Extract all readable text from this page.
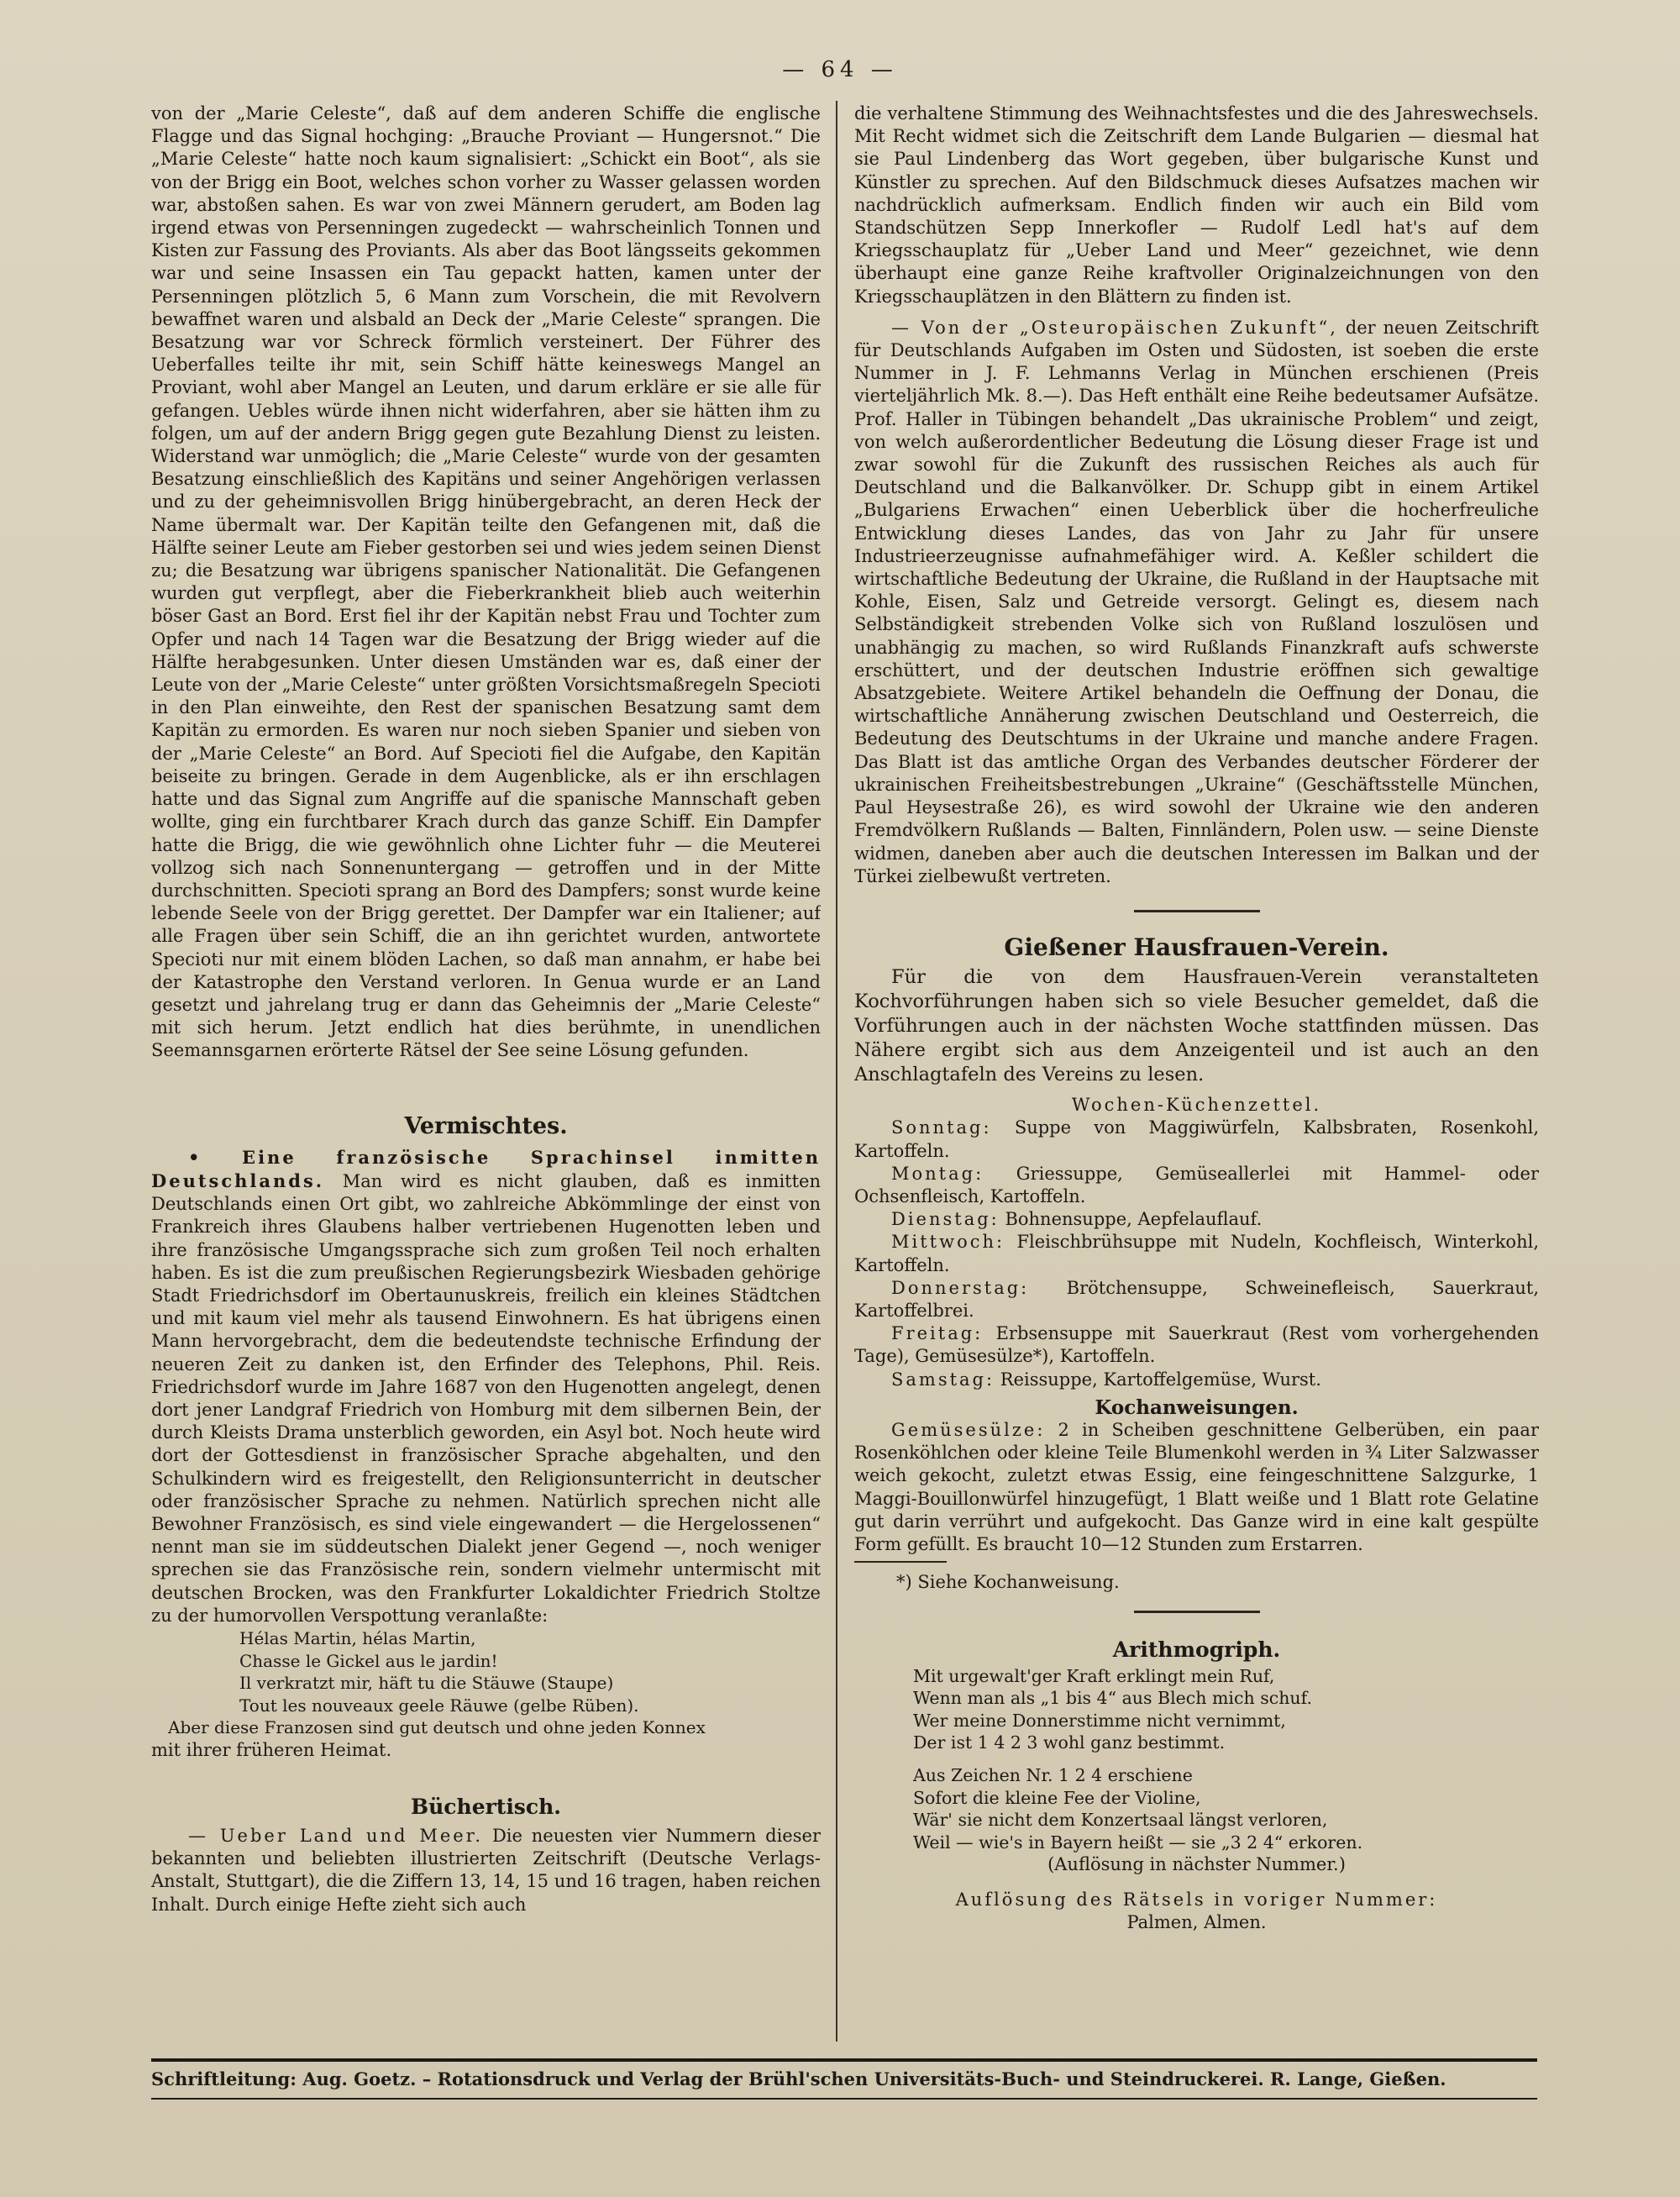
— 64 —

von der „Marie Celeste“, daß auf dem anderen Schiffe die englische Flagge und das Signal hochging: „Brauche Proviant — Hungersnot.“ Die „Marie Celeste“ hatte noch kaum signalisiert: „Schickt ein Boot“, als sie von der Brigg ein Boot, welches schon vorher zu Wasser gelassen worden war, abstoßen sahen. Es war von zwei Männern gerudert, am Boden lag irgend etwas von Persenningen zugedeckt — wahrscheinlich Tonnen und Kisten zur Fassung des Proviants. Als aber das Boot längsseits gekommen war und seine Insassen ein Tau gepackt hatten, kamen unter der Persenningen plötzlich 5, 6 Mann zum Vorschein, die mit Revolvern bewaffnet waren und alsbald an Deck der „Marie Celeste“ sprangen. Die Besatzung war vor Schreck förmlich versteinert. Der Führer des Ueberfalles teilte ihr mit, sein Schiff hätte keineswegs Mangel an Proviant, wohl aber Mangel an Leuten, und darum erkläre er sie alle für gefangen. Uebles würde ihnen nicht widerfahren, aber sie hätten ihm zu folgen, um auf der andern Brigg gegen gute Bezahlung Dienst zu leisten. Widerstand war unmöglich; die „Marie Celeste“ wurde von der gesamten Besatzung einschließlich des Kapitäns und seiner Angehörigen verlassen und zu der geheimnisvollen Brigg hinübergebracht, an deren Heck der Name übermalt war. Der Kapitän teilte den Gefangenen mit, daß die Hälfte seiner Leute am Fieber gestorben sei und wies jedem seinen Dienst zu; die Besatzung war übrigens spanischer Nationalität. Die Gefangenen wurden gut verpflegt, aber die Fieberkrankheit blieb auch weiterhin böser Gast an Bord. Erst fiel ihr der Kapitän nebst Frau und Tochter zum Opfer und nach 14 Tagen war die Besatzung der Brigg wieder auf die Hälfte herabgesunken. Unter diesen Umständen war es, daß einer der Leute von der „Marie Celeste“ unter größten Vorsichtsmaßregeln Specioti in den Plan einweihte, den Rest der spanischen Besatzung samt dem Kapitän zu ermorden. Es waren nur noch sieben Spanier und sieben von der „Marie Celeste“ an Bord. Auf Specioti fiel die Aufgabe, den Kapitän beiseite zu bringen. Gerade in dem Augenblicke, als er ihn erschlagen hatte und das Signal zum Angriffe auf die spanische Mannschaft geben wollte, ging ein furchtbarer Krach durch das ganze Schiff. Ein Dampfer hatte die Brigg, die wie gewöhnlich ohne Lichter fuhr — die Meuterei vollzog sich nach Sonnenuntergang — getroffen und in der Mitte durchschnitten. Specioti sprang an Bord des Dampfers; sonst wurde keine lebende Seele von der Brigg gerettet. Der Dampfer war ein Italiener; auf alle Fragen über sein Schiff, die an ihn gerichtet wurden, antwortete Specioti nur mit einem blöden Lachen, so daß man annahm, er habe bei der Katastrophe den Verstand verloren. In Genua wurde er an Land gesetzt und jahrelang trug er dann das Geheimnis der „Marie Celeste“ mit sich herum. Jetzt endlich hat dies berühmte, in unendlichen Seemannsgarnen erörterte Rätsel der See seine Lösung gefunden.

Vermischtes.

• Eine französische Sprachinsel inmitten Deutschlands. Man wird es nicht glauben, daß es inmitten Deutschlands einen Ort gibt, wo zahlreiche Abkömmlinge der einst von Frankreich ihres Glaubens halber vertriebenen Hugenotten leben und ihre französische Umgangssprache sich zum großen Teil noch erhalten haben. Es ist die zum preußischen Regierungsbezirk Wiesbaden gehörige Stadt Friedrichsdorf im Obertaunuskreis, freilich ein kleines Städtchen und mit kaum viel mehr als tausend Einwohnern. Es hat übrigens einen Mann hervorgebracht, dem die bedeutendste technische Erfindung der neueren Zeit zu danken ist, den Erfinder des Telephons, Phil. Reis. Friedrichsdorf wurde im Jahre 1687 von den Hugenotten angelegt, denen dort jener Landgraf Friedrich von Homburg mit dem silbernen Bein, der durch Kleists Drama unsterblich geworden, ein Asyl bot. Noch heute wird dort der Gottesdienst in französischer Sprache abgehalten, und den Schulkindern wird es freigestellt, den Religionsunterricht in deutscher oder französischer Sprache zu nehmen. Natürlich sprechen nicht alle Bewohner Französisch, es sind viele eingewandert — die Hergelossenen“ nennt man sie im süddeutschen Dialekt jener Gegend —, noch weniger sprechen sie das Französische rein, sondern vielmehr untermischt mit deutschen Brocken, was den Frankfurter Lokaldichter Friedrich Stoltze zu der humorvollen Verspottung veranlaßte:

Hélas Martin, hélas Martin,
Chasse le Gickel aus le jardin!
Il verkratzt mir, häft tu die Stäuwe (Staupe)
Tout les nouveaux geele Räuwe (gelbe Rüben).
Aber diese Franzosen sind gut deutsch und ohne jeden Konnex

mit ihrer früheren Heimat.

Büchertisch.

— Ueber Land und Meer. Die neuesten vier Nummern dieser bekannten und beliebten illustrierten Zeitschrift (Deutsche Verlags-Anstalt, Stuttgart), die die Ziffern 13, 14, 15 und 16 tragen, haben reichen Inhalt. Durch einige Hefte zieht sich auch

die verhaltene Stimmung des Weihnachtsfestes und die des Jahreswechsels. Mit Recht widmet sich die Zeitschrift dem Lande Bulgarien — diesmal hat sie Paul Lindenberg das Wort gegeben, über bulgarische Kunst und Künstler zu sprechen. Auf den Bildschmuck dieses Aufsatzes machen wir nachdrücklich aufmerksam. Endlich finden wir auch ein Bild vom Standschützen Sepp Innerkofler — Rudolf Ledl hat's auf dem Kriegsschauplatz für „Ueber Land und Meer“ gezeichnet, wie denn überhaupt eine ganze Reihe kraftvoller Originalzeichnungen von den Kriegsschauplätzen in den Blättern zu finden ist.

— Von der „Osteuropäischen Zukunft“, der neuen Zeitschrift für Deutschlands Aufgaben im Osten und Südosten, ist soeben die erste Nummer in J. F. Lehmanns Verlag in München erschienen (Preis vierteljährlich Mk. 8.—). Das Heft enthält eine Reihe bedeutsamer Aufsätze. Prof. Haller in Tübingen behandelt „Das ukrainische Problem“ und zeigt, von welch außerordentlicher Bedeutung die Lösung dieser Frage ist und zwar sowohl für die Zukunft des russischen Reiches als auch für Deutschland und die Balkanvölker. Dr. Schupp gibt in einem Artikel „Bulgariens Erwachen“ einen Ueberblick über die hocherfreuliche Entwicklung dieses Landes, das von Jahr zu Jahr für unsere Industrieerzeugnisse aufnahmefähiger wird. A. Keßler schildert die wirtschaftliche Bedeutung der Ukraine, die Rußland in der Hauptsache mit Kohle, Eisen, Salz und Getreide versorgt. Gelingt es, diesem nach Selbständigkeit strebenden Volke sich von Rußland loszulösen und unabhängig zu machen, so wird Rußlands Finanzkraft aufs schwerste erschüttert, und der deutschen Industrie eröffnen sich gewaltige Absatzgebiete. Weitere Artikel behandeln die Oeffnung der Donau, die wirtschaftliche Annäherung zwischen Deutschland und Oesterreich, die Bedeutung des Deutschtums in der Ukraine und manche andere Fragen. Das Blatt ist das amtliche Organ des Verbandes deutscher Förderer der ukrainischen Freiheitsbestrebungen „Ukraine“ (Geschäftsstelle München, Paul Heysestraße 26), es wird sowohl der Ukraine wie den anderen Fremdvölkern Rußlands — Balten, Finnländern, Polen usw. — seine Dienste widmen, daneben aber auch die deutschen Interessen im Balkan und der Türkei zielbewußt vertreten.

Gießener Hausfrauen-Verein.

Für die von dem Hausfrauen-Verein veranstalteten Kochvorführungen haben sich so viele Besucher gemeldet, daß die Vorführungen auch in der nächsten Woche stattfinden müssen. Das Nähere ergibt sich aus dem Anzeigenteil und ist auch an den Anschlagtafeln des Vereins zu lesen.

Wochen-Küchenzettel.

Sonntag: Suppe von Maggiwürfeln, Kalbsbraten, Rosenkohl, Kartoffeln.

Montag: Griessuppe, Gemüseallerlei mit Hammel- oder Ochsenfleisch, Kartoffeln.

Dienstag: Bohnensuppe, Aepfelauflauf.

Mittwoch: Fleischbrühsuppe mit Nudeln, Kochfleisch, Winterkohl, Kartoffeln.

Donnerstag: Brötchensuppe, Schweinefleisch, Sauerkraut, Kartoffelbrei.

Freitag: Erbsensuppe mit Sauerkraut (Rest vom vorhergehenden Tage), Gemüsesülze*), Kartoffeln.

Samstag: Reissuppe, Kartoffelgemüse, Wurst.

Kochanweisungen.

Gemüsesülze: 2 in Scheiben geschnittene Gelberüben, ein paar Rosenköhlchen oder kleine Teile Blumenkohl werden in ¾ Liter Salzwasser weich gekocht, zuletzt etwas Essig, eine feingeschnittene Salzgurke, 1 Maggi-Bouillonwürfel hinzugefügt, 1 Blatt weiße und 1 Blatt rote Gelatine gut darin verrührt und aufgekocht. Das Ganze wird in eine kalt gespülte Form gefüllt. Es braucht 10—12 Stunden zum Erstarren.

*) Siehe Kochanweisung.

Arithmogriph.

Mit urgewalt'ger Kraft erklingt mein Ruf,
Wenn man als „1 bis 4“ aus Blech mich schuf.
Wer meine Donnerstimme nicht vernimmt,
Der ist 1 4 2 3 wohl ganz bestimmt.
Aus Zeichen Nr. 1 2 4 erschiene
Sofort die kleine Fee der Violine,
Wär' sie nicht dem Konzertsaal längst verloren,
Weil — wie's in Bayern heißt — sie „3 2 4“ erkoren.

(Auflösung in nächster Nummer.)

Auflösung des Rätsels in voriger Nummer:

Palmen, Almen.

Schriftleitung: Aug. Goetz. – Rotationsdruck und Verlag der Brühl'schen Universitäts-Buch- und Steindruckerei. R. Lange, Gießen.
